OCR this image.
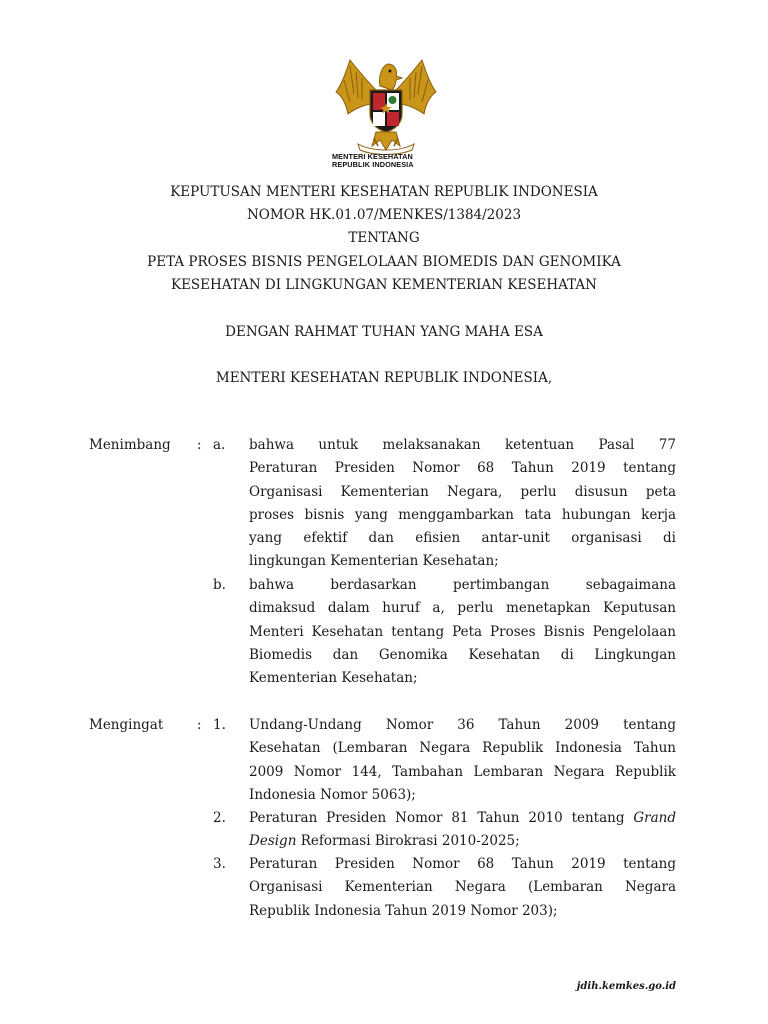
MENTERI KESEHATAN
REPUBLIK INDONESIA
KEPUTUSAN MENTERI KESEHATAN REPUBLIK INDONESIA
NOMOR HK.01.07/MENKES/1384/2023
TENTANG
PETA PROSES BISNIS PENGELOLAAN BIOMEDIS DAN GENOMIKA
KESEHATAN DI LINGKUNGAN KEMENTERIAN KESEHATAN
DENGAN RAHMAT TUHAN YANG MAHA ESA
MENTERI KESEHATAN REPUBLIK INDONESIA,
Menimbang : a. bahwa untuk melaksanakan ketentuan Pasal 77
Peraturan Presiden Nomor 68 Tahun 2019 tentang
Organisasi Kementerian Negara, perlu disusun peta
proses bisnis yang menggambarkan tata hubungan kerja
yang efektif dan efisien antar-unit organisasi di
lingkungan Kementerian Kesehatan;
b. bahwa berdasarkan pertimbangan sebagaimana
dimaksud dalam huruf a, perlu menetapkan Keputusan
Menteri Kesehatan tentang Peta Proses Bisnis Pengelolaan
Biomedis dan Genomika Kesehatan di Lingkungan
Kementerian Kesehatan;
Mengingat : 1. Undang-Undang Nomor 36 Tahun 2009 tentang
Kesehatan (Lembaran Negara Republik Indonesia Tahun
2009 Nomor 144, Tambahan Lembaran Negara Republik
Indonesia Nomor 5063);
2. Peraturan Presiden Nomor 81 Tahun 2010 tentang Grand
Design Reformasi Birokrasi 2010-2025;
3. Peraturan Presiden Nomor 68 Tahun 2019 tentang
Organisasi Kementerian Negara (Lembaran Negara
Republik Indonesia Tahun 2019 Nomor 203);
jdih.kemkes.go.id
